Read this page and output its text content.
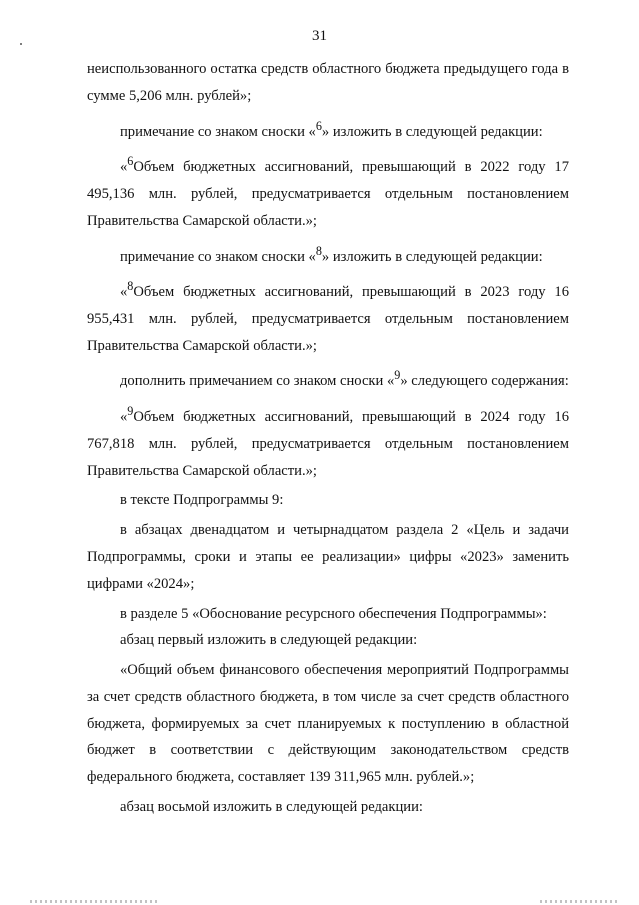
31

неиспользованного остатка средств областного бюджета предыдущего года в сумме 5,206 млн. рублей»;

примечание со знаком сноски «$^6$» изложить в следующей редакции:

«$^6$Объем бюджетных ассигнований, превышающий в 2022 году 17 495,136 млн. рублей, предусматривается отдельным постановлением Правительства Самарской области.»;

примечание со знаком сноски «$^8$» изложить в следующей редакции:

«$^8$Объем бюджетных ассигнований, превышающий в 2023 году 16 955,431 млн. рублей, предусматривается отдельным постановлением Правительства Самарской области.»;

дополнить примечанием со знаком сноски «$^9$» следующего содержания:

«$^9$Объем бюджетных ассигнований, превышающий в 2024 году 16 767,818 млн. рублей, предусматривается отдельным постановлением Правительства Самарской области.»;

в тексте Подпрограммы 9:

в абзацах двенадцатом и четырнадцатом раздела 2 «Цель и задачи Подпрограммы, сроки и этапы ее реализации» цифры «2023» заменить цифрами «2024»;

в разделе 5 «Обоснование ресурсного обеспечения Подпрограммы»:

абзац первый изложить в следующей редакции:

«Общий объем финансового обеспечения мероприятий Подпрограммы за счет средств областного бюджета, в том числе за счет средств областного бюджета, формируемых за счет планируемых к поступлению в областной бюджет в соответствии с действующим законодательством средств федерального бюджета, составляет 139 311,965 млн. рублей.»;

абзац восьмой изложить в следующей редакции:
